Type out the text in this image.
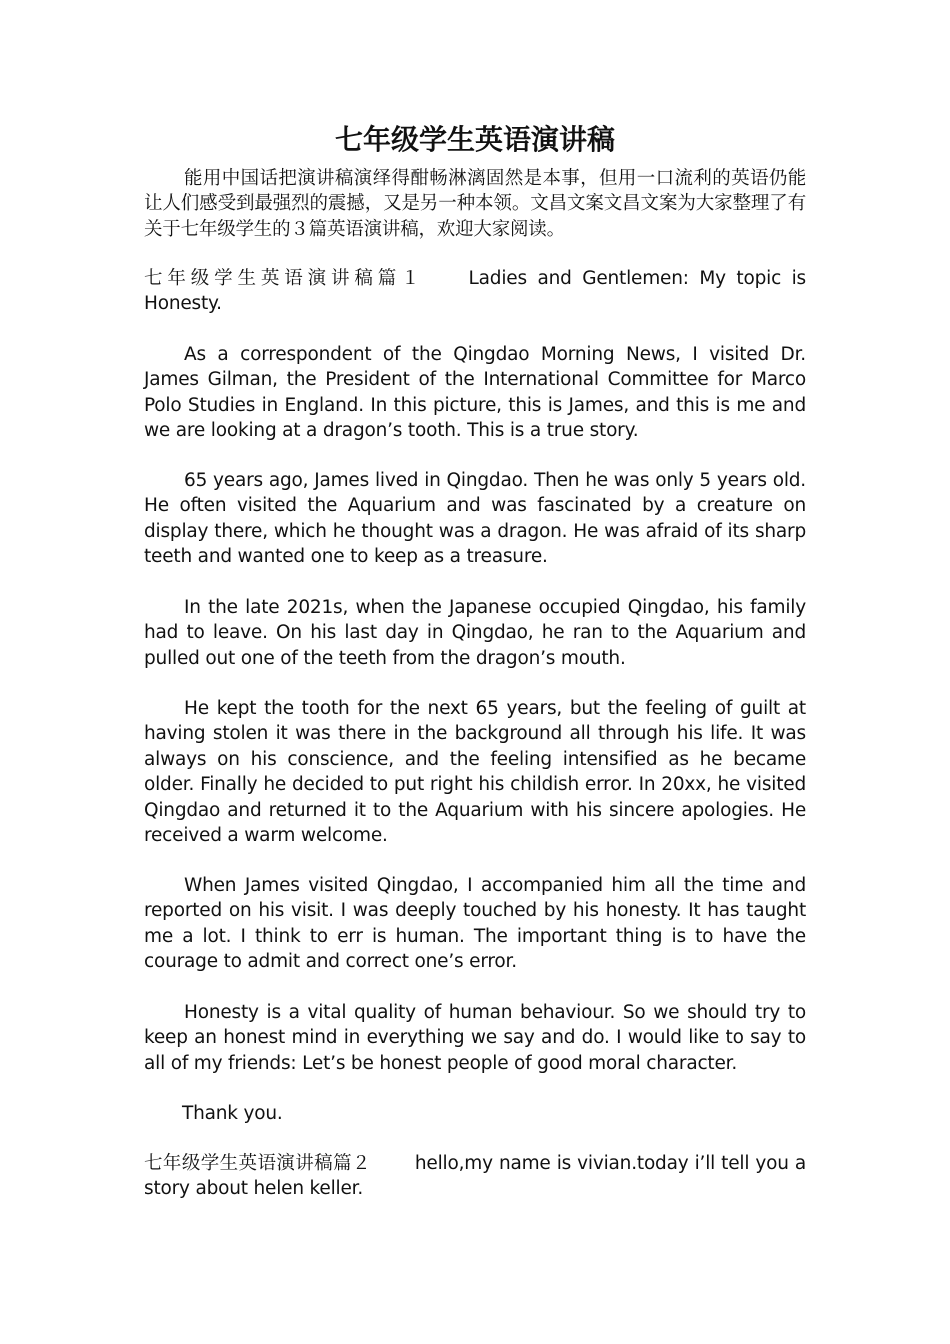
七年级学生英语演讲稿

能用中国话把演讲稿演绎得酣畅淋漓固然是本事，但用一口流利的英语仍能让人们感受到最强烈的震撼，又是另一种本领。文昌文案文昌文案为大家整理了有关于七年级学生的３篇英语演讲稿，欢迎大家阅读。

七年级学生英语演讲稿篇１ Ladies and Gentlemen: My topic is Honesty.

As a correspondent of the Qingdao Morning News, I visited Dr. James Gilman, the President of the International Committee for Marco Polo Studies in England. In this picture, this is James, and this is me and we are looking at a dragon’s tooth. This is a true story.

65 years ago, James lived in Qingdao. Then he was only 5 years old. He often visited the Aquarium and was fascinated by a creature on display there, which he thought was a dragon. He was afraid of its sharp teeth and wanted one to keep as a treasure.

In the late 2021s, when the Japanese occupied Qingdao, his family had to leave. On his last day in Qingdao, he ran to the Aquarium and pulled out one of the teeth from the dragon’s mouth.

He kept the tooth for the next 65 years, but the feeling of guilt at having stolen it was there in the background all through his life. It was always on his conscience, and the feeling intensified as he became older. Finally he decided to put right his childish error. In 20xx, he visited Qingdao and returned it to the Aquarium with his sincere apologies. He received a warm welcome.

When James visited Qingdao, I accompanied him all the time and reported on his visit. I was deeply touched by his honesty. It has taught me a lot. I think to err is human. The important thing is to have the courage to admit and correct one’s error.

Honesty is a vital quality of human behaviour. So we should try to keep an honest mind in everything we say and do. I would like to say to all of my friends: Let’s be honest people of good moral character.

Thank you.

七年级学生英语演讲稿篇２ hello,my name is vivian.today i’ll tell you a story about helen keller.
